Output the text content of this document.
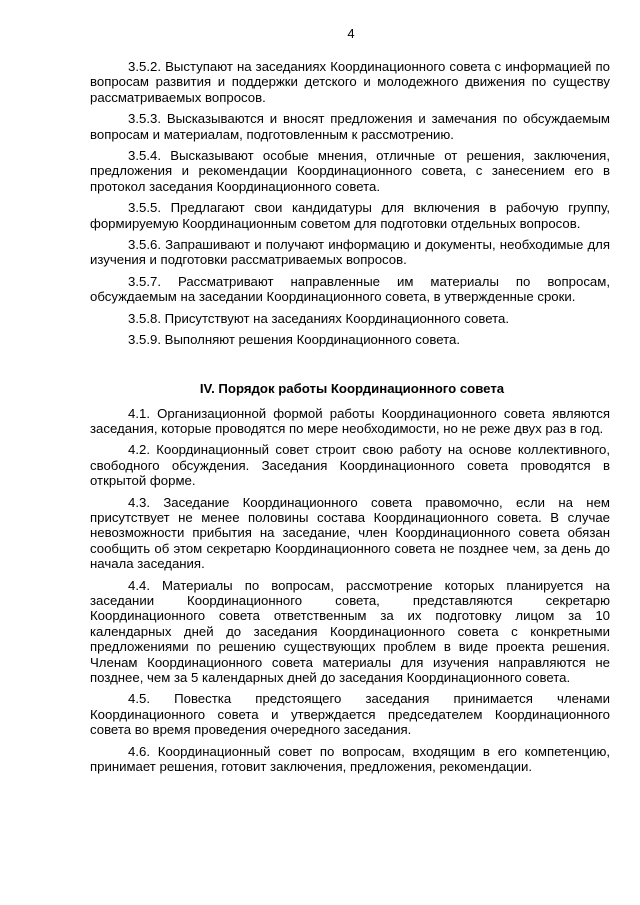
4

3.5.2. Выступают на заседаниях Координационного совета с информацией по вопросам развития и поддержки детского и молодежного движения по существу рассматриваемых вопросов.

3.5.3. Высказываются и вносят предложения и замечания по обсуждаемым вопросам и материалам, подготовленным к рассмотрению.

3.5.4. Высказывают особые мнения, отличные от решения, заключения, предложения и рекомендации Координационного совета, с занесением его в протокол заседания Координационного совета.

3.5.5. Предлагают свои кандидатуры для включения в рабочую группу, формируемую Координационным советом для подготовки отдельных вопросов.

3.5.6. Запрашивают и получают информацию и документы, необходимые для изучения и подготовки рассматриваемых вопросов.

3.5.7. Рассматривают направленные им материалы по вопросам, обсуждаемым на заседании Координационного совета, в утвержденные сроки.

3.5.8. Присутствуют на заседаниях Координационного совета.

3.5.9. Выполняют решения Координационного совета.

IV. Порядок работы Координационного совета

4.1. Организационной формой работы Координационного совета являются заседания, которые проводятся по мере необходимости, но не реже двух раз в год.

4.2. Координационный совет строит свою работу на основе коллективного, свободного обсуждения. Заседания Координационного совета проводятся в открытой форме.

4.3. Заседание Координационного совета правомочно, если на нем присутствует не менее половины состава Координационного совета. В случае невозможности прибытия на заседание, член Координационного совета обязан сообщить об этом секретарю Координационного совета не позднее чем, за день до начала заседания.

4.4. Материалы по вопросам, рассмотрение которых планируется на заседании Координационного совета, представляются секретарю Координационного совета ответственным за их подготовку лицом за 10 календарных дней до заседания Координационного совета с конкретными предложениями по решению существующих проблем в виде проекта решения. Членам Координационного совета материалы для изучения направляются не позднее, чем за 5 календарных дней до заседания Координационного совета.

4.5. Повестка предстоящего заседания принимается членами Координационного совета и утверждается председателем Координационного совета во время проведения очередного заседания.

4.6. Координационный совет по вопросам, входящим в его компетенцию, принимает решения, готовит заключения, предложения, рекомендации.
